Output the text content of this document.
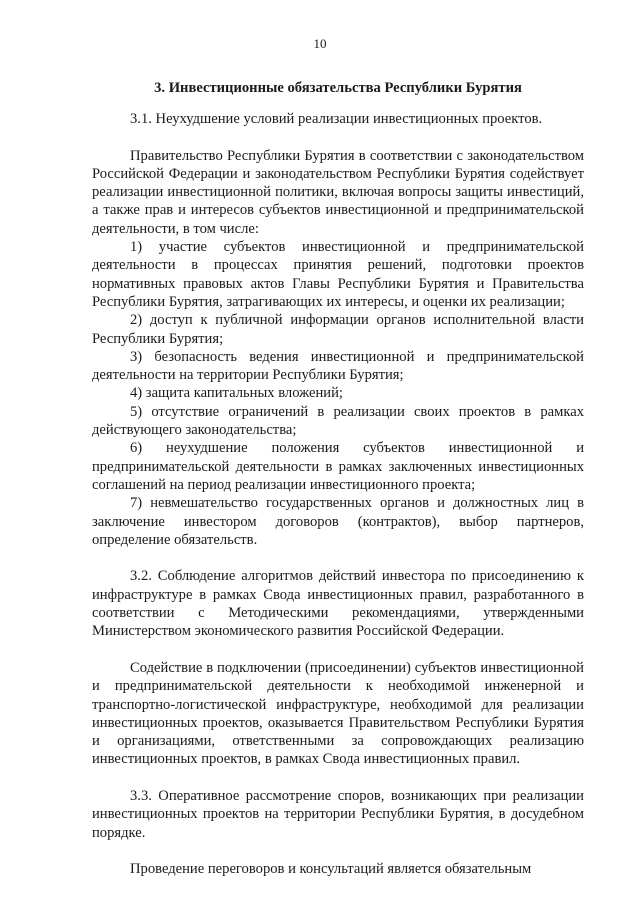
10
3. Инвестиционные обязательства Республики Бурятия

3.1. Неухудшение условий реализации инвестиционных проектов.

Правительство Республики Бурятия в соответствии с законодательством Российской Федерации и законодательством Республики Бурятия содействует реализации инвестиционной политики, включая вопросы защиты инвестиций, а также прав и интересов субъектов инвестиционной и предпринимательской деятельности, в том числе:

1) участие субъектов инвестиционной и предпринимательской деятельности в процессах принятия решений, подготовки проектов нормативных правовых актов Главы Республики Бурятия и Правительства Республики Бурятия, затрагивающих их интересы, и оценки их реализации;

2) доступ к публичной информации органов исполнительной власти Республики Бурятия;

3) безопасность ведения инвестиционной и предпринимательской деятельности на территории Республики Бурятия;

4) защита капитальных вложений;

5) отсутствие ограничений в реализации своих проектов в рамках действующего законодательства;

6) неухудшение положения субъектов инвестиционной и предпринимательской деятельности в рамках заключенных инвестиционных соглашений на период реализации инвестиционного проекта;

7) невмешательство государственных органов и должностных лиц в заключение инвестором договоров (контрактов), выбор партнеров, определение обязательств.

3.2. Соблюдение алгоритмов действий инвестора по присоединению к инфраструктуре в рамках Свода инвестиционных правил, разработанного в соответствии с Методическими рекомендациями, утвержденными Министерством экономического развития Российской Федерации.

Содействие в подключении (присоединении) субъектов инвестиционной и предпринимательской деятельности к необходимой инженерной и транспортно-логистической инфраструктуре, необходимой для реализации инвестиционных проектов, оказывается Правительством Республики Бурятия и организациями, ответственными за сопровождающих реализацию инвестиционных проектов, в рамках Свода инвестиционных правил.

3.3. Оперативное рассмотрение споров, возникающих при реализации инвестиционных проектов на территории Республики Бурятия, в досудебном порядке.

Проведение переговоров и консультаций является обязательным
